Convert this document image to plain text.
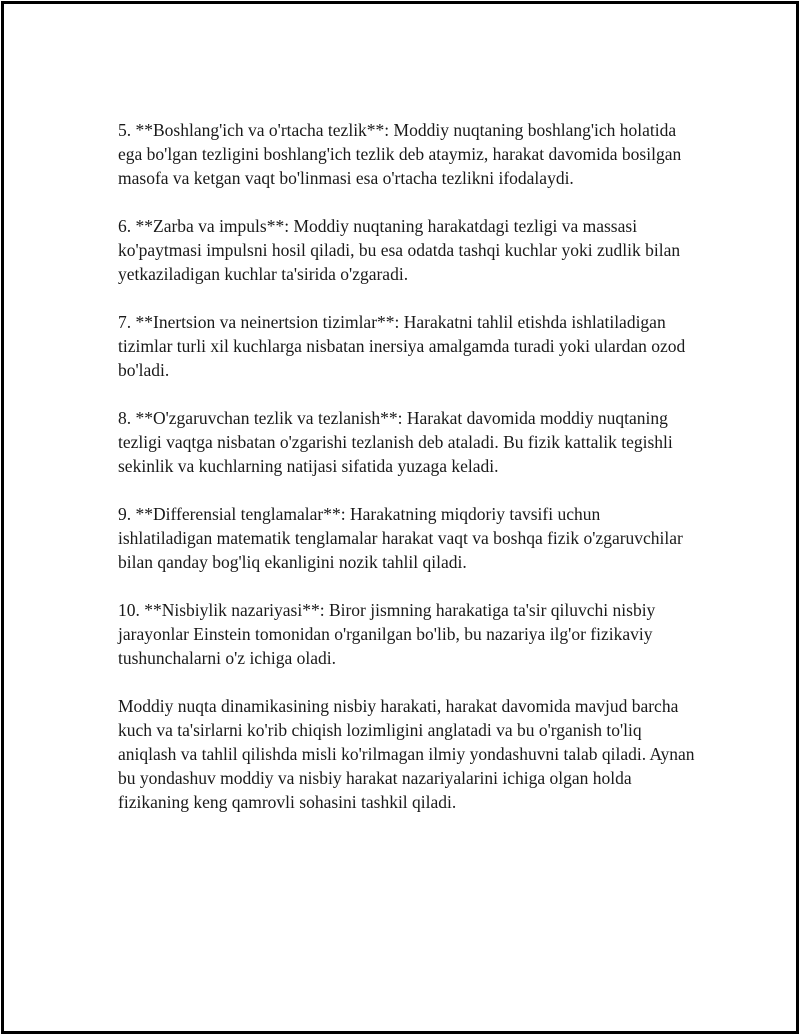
5. **Boshlang'ich va o'rtacha tezlik**: Moddiy nuqtaning boshlang'ich holatida ega bo'lgan tezligini boshlang'ich tezlik deb ataymiz, harakat davomida bosilgan masofa va ketgan vaqt bo'linmasi esa o'rtacha tezlikni ifodalaydi.

6. **Zarba va impuls**: Moddiy nuqtaning harakatdagi tezligi va massasi ko'paytmasi impulsni hosil qiladi, bu esa odatda tashqi kuchlar yoki zudlik bilan yetkaziladigan kuchlar ta'sirida o'zgaradi.

7. **Inertsion va neinertsion tizimlar**: Harakatni tahlil etishda ishlatiladigan tizimlar turli xil kuchlarga nisbatan inersiya amalgamda turadi yoki ulardan ozod bo'ladi.

8. **O'zgaruvchan tezlik va tezlanish**: Harakat davomida moddiy nuqtaning tezligi vaqtga nisbatan o'zgarishi tezlanish deb ataladi. Bu fizik kattalik tegishli sekinlik va kuchlarning natijasi sifatida yuzaga keladi.

9. **Differensial tenglamalar**: Harakatning miqdoriy tavsifi uchun ishlatiladigan matematik tenglamalar harakat vaqt va boshqa fizik o'zgaruvchilar bilan qanday bog'liq ekanligini nozik tahlil qiladi.

10. **Nisbiylik nazariyasi**: Biror jismning harakatiga ta'sir qiluvchi nisbiy jarayonlar Einstein tomonidan o'rganilgan bo'lib, bu nazariya ilg'or fizikaviy tushunchalarni o'z ichiga oladi.

Moddiy nuqta dinamikasining nisbiy harakati, harakat davomida mavjud barcha kuch va ta'sirlarni ko'rib chiqish lozimligini anglatadi va bu o'rganish to'liq aniqlash va tahlil qilishda misli ko'rilmagan ilmiy yondashuvni talab qiladi. Aynan bu yondashuv moddiy va nisbiy harakat nazariyalarini ichiga olgan holda fizikaning keng qamrovli sohasini tashkil qiladi.
